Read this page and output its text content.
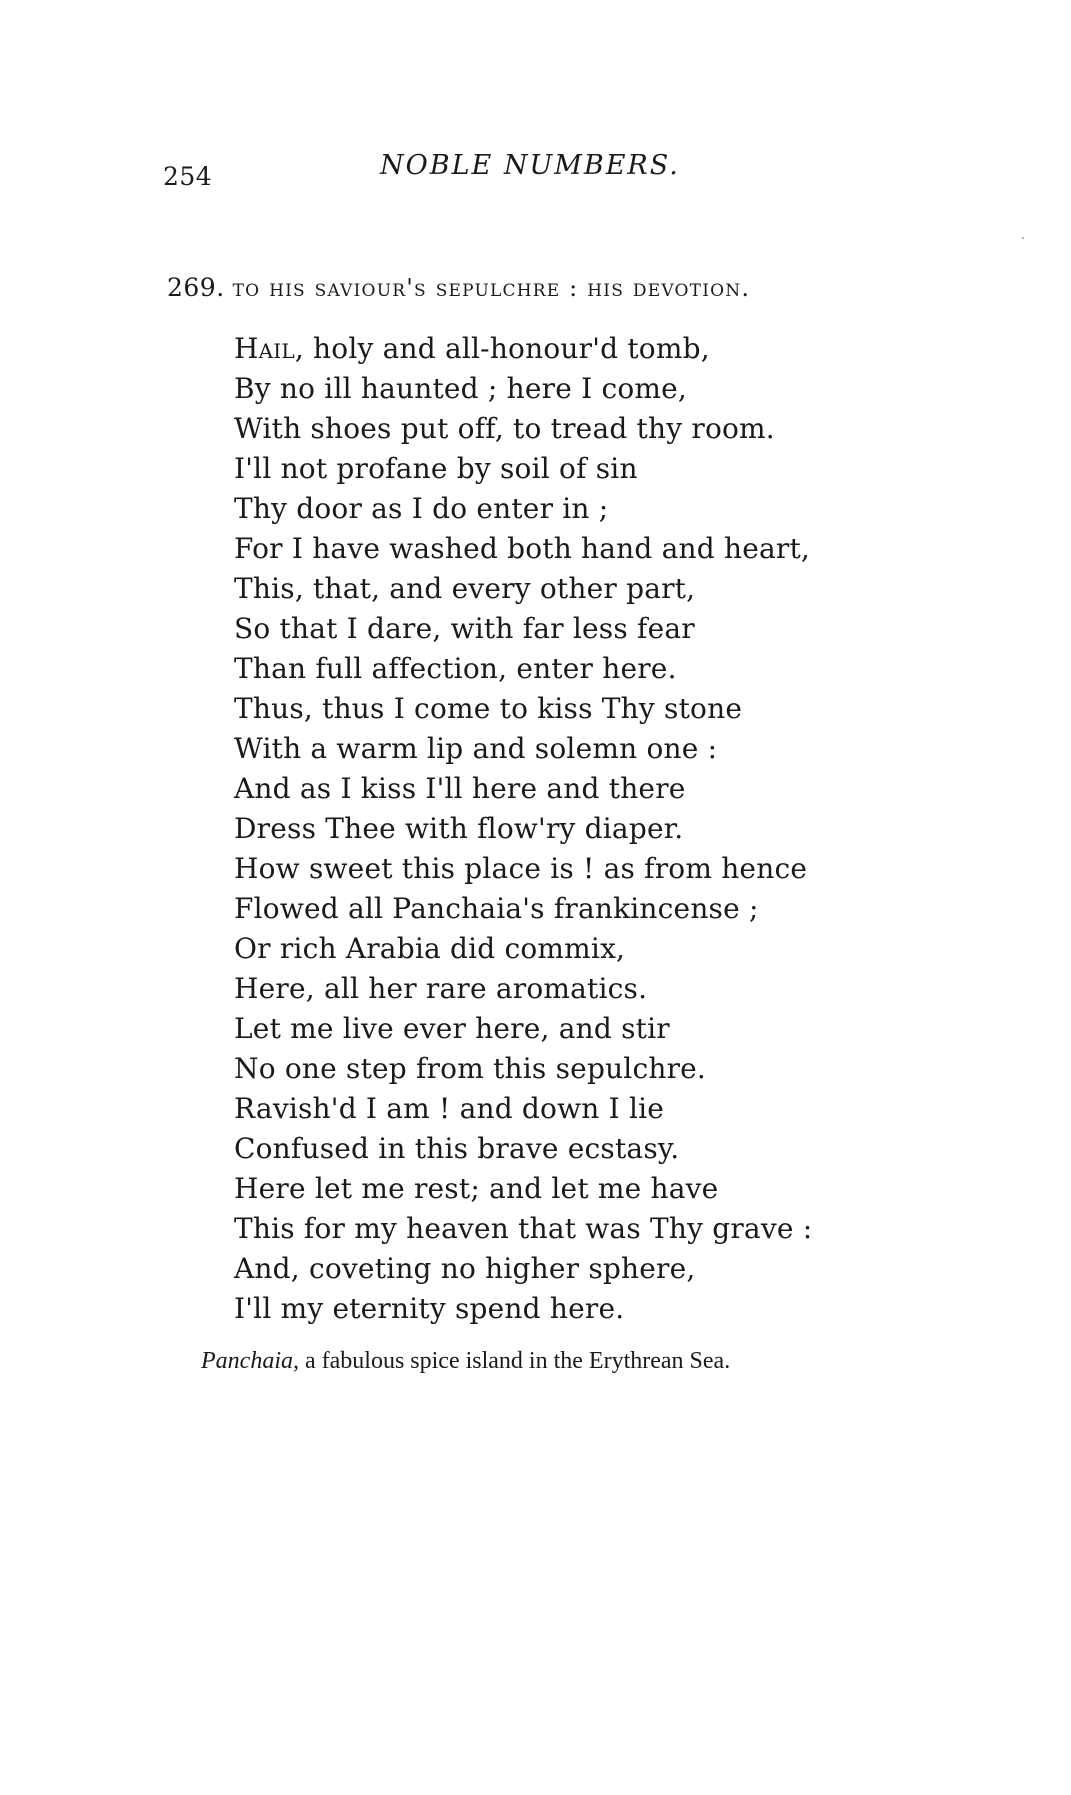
254	NOBLE NUMBERS.
269. to his saviour's sepulchre : his devotion.
Hail, holy and all-honour'd tomb,
By no ill haunted ; here I come,
With shoes put off, to tread thy room.
I'll not profane by soil of sin
Thy door as I do enter in ;
For I have washed both hand and heart,
This, that, and every other part,
So that I dare, with far less fear
Than full affection, enter here.
Thus, thus I come to kiss Thy stone
With a warm lip and solemn one :
And as I kiss I'll here and there
Dress Thee with flow'ry diaper.
How sweet this place is ! as from hence
Flowed all Panchaia's frankincense ;
Or rich Arabia did commix,
Here, all her rare aromatics.
Let me live ever here, and stir
No one step from this sepulchre.
Ravish'd I am ! and down I lie
Confused in this brave ecstasy.
Here let me rest; and let me have
This for my heaven that was Thy grave :
And, coveting no higher sphere,
I'll my eternity spend here.
Panchaia, a fabulous spice island in the Erythrean Sea.
